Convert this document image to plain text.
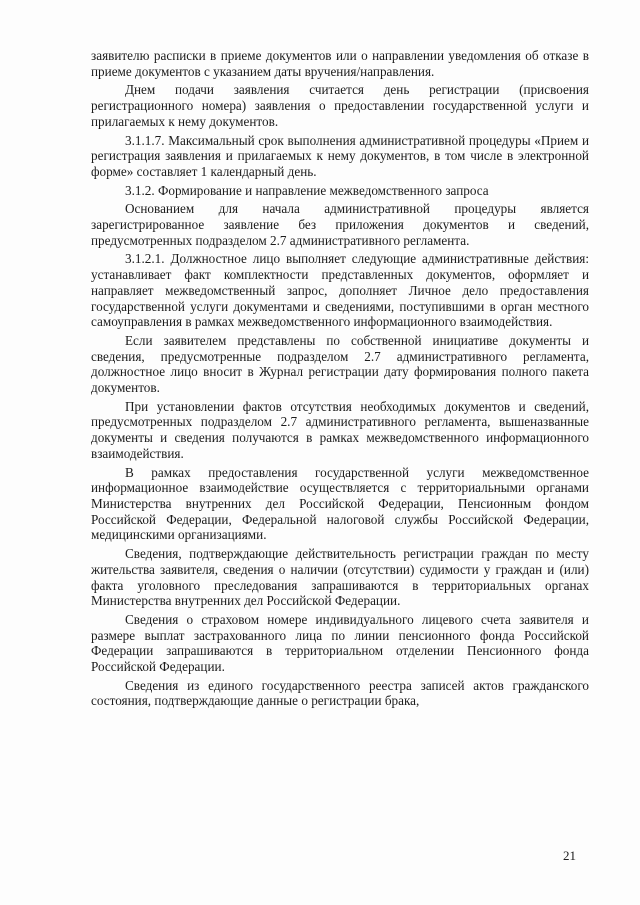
заявителю расписки в приеме документов или о направлении уведомления об отказе в приеме документов с указанием даты вручения/направления.

Днем подачи заявления считается день регистрации (присвоения регистрационного номера) заявления о предоставлении государственной услуги и прилагаемых к нему документов.

3.1.1.7. Максимальный срок выполнения административной процедуры «Прием и регистрация заявления и прилагаемых к нему документов, в том числе в электронной форме» составляет 1 календарный день.

3.1.2. Формирование и направление межведомственного запроса

Основанием для начала административной процедуры является зарегистрированное заявление без приложения документов и сведений, предусмотренных подразделом 2.7 административного регламента.

3.1.2.1. Должностное лицо выполняет следующие административные действия: устанавливает факт комплектности представленных документов, оформляет и направляет межведомственный запрос, дополняет Личное дело предоставления государственной услуги документами и сведениями, поступившими в орган местного самоуправления в рамках межведомственного информационного взаимодействия.

Если заявителем представлены по собственной инициативе документы и сведения, предусмотренные подразделом 2.7 административного регламента, должностное лицо вносит в Журнал регистрации дату формирования полного пакета документов.

При установлении фактов отсутствия необходимых документов и сведений, предусмотренных подразделом 2.7 административного регламента, вышеназванные документы и сведения получаются в рамках межведомственного информационного взаимодействия.

В рамках предоставления государственной услуги межведомственное информационное взаимодействие осуществляется с территориальными органами Министерства внутренних дел Российской Федерации, Пенсионным фондом Российской Федерации, Федеральной налоговой службы Российской Федерации, медицинскими организациями.

Сведения, подтверждающие действительность регистрации граждан по месту жительства заявителя, сведения о наличии (отсутствии) судимости у граждан и (или) факта уголовного преследования запрашиваются в территориальных органах Министерства внутренних дел Российской Федерации.

Сведения о страховом номере индивидуального лицевого счета заявителя и размере выплат застрахованного лица по линии пенсионного фонда Российской Федерации запрашиваются в территориальном отделении Пенсионного фонда Российской Федерации.

Сведения из единого государственного реестра записей актов гражданского состояния, подтверждающие данные о регистрации брака,

21
